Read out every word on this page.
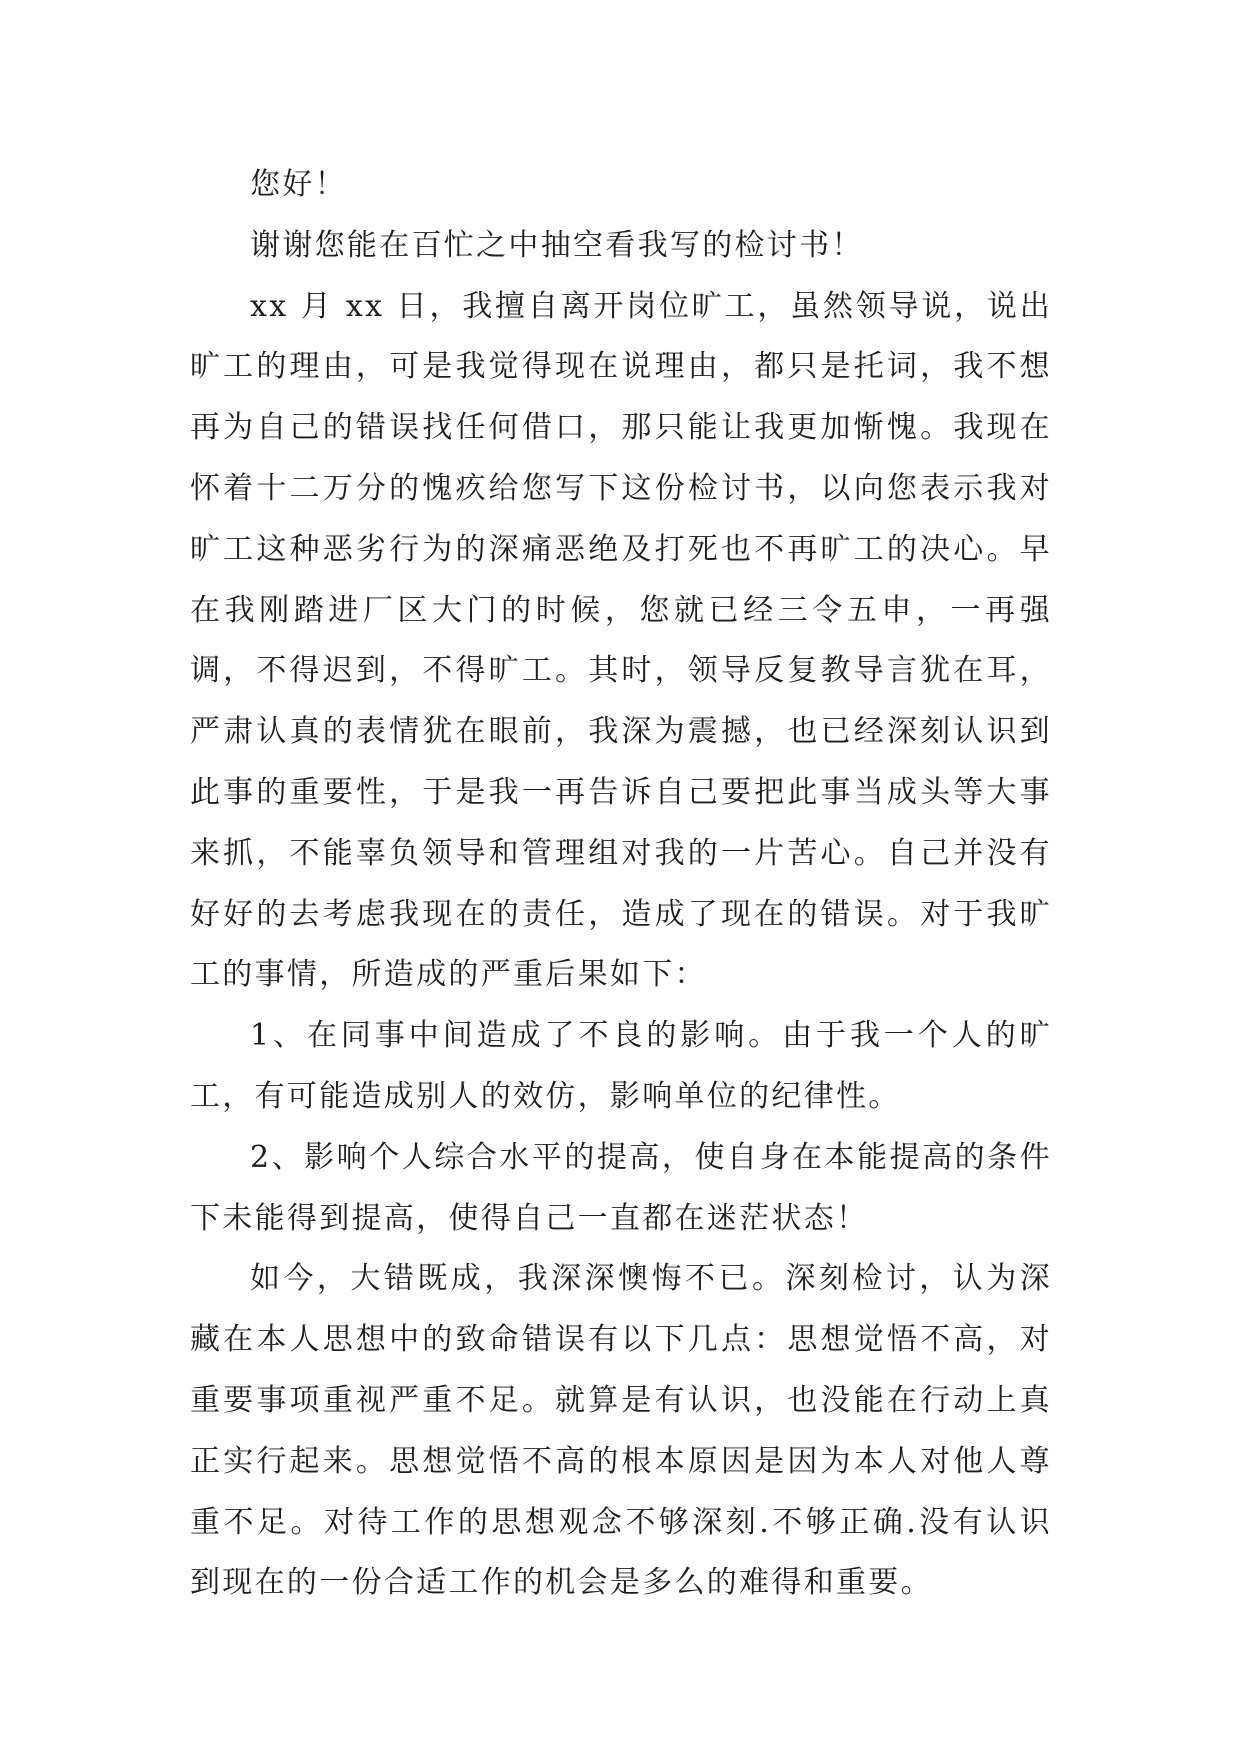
您好！

谢谢您能在百忙之中抽空看我写的检讨书！

xx 月 xx 日，我擅自离开岗位旷工，虽然领导说，说出旷工的理由，可是我觉得现在说理由，都只是托词，我不想再为自己的错误找任何借口，那只能让我更加惭愧。我现在怀着十二万分的愧疚给您写下这份检讨书，以向您表示我对旷工这种恶劣行为的深痛恶绝及打死也不再旷工的决心。早在我刚踏进厂区大门的时候，您就已经三令五申，一再强调，不得迟到，不得旷工。其时，领导反复教导言犹在耳，严肃认真的表情犹在眼前，我深为震撼，也已经深刻认识到此事的重要性，于是我一再告诉自己要把此事当成头等大事来抓，不能辜负领导和管理组对我的一片苦心。自己并没有好好的去考虑我现在的责任，造成了现在的错误。对于我旷工的事情，所造成的严重后果如下：

1、在同事中间造成了不良的影响。由于我一个人的旷工，有可能造成别人的效仿，影响单位的纪律性。

2、影响个人综合水平的提高，使自身在本能提高的条件下未能得到提高，使得自己一直都在迷茫状态！

如今，大错既成，我深深懊悔不已。深刻检讨，认为深藏在本人思想中的致命错误有以下几点：思想觉悟不高，对重要事项重视严重不足。就算是有认识，也没能在行动上真正实行起来。思想觉悟不高的根本原因是因为本人对他人尊重不足。对待工作的思想观念不够深刻.不够正确.没有认识到现在的一份合适工作的机会是多么的难得和重要。
